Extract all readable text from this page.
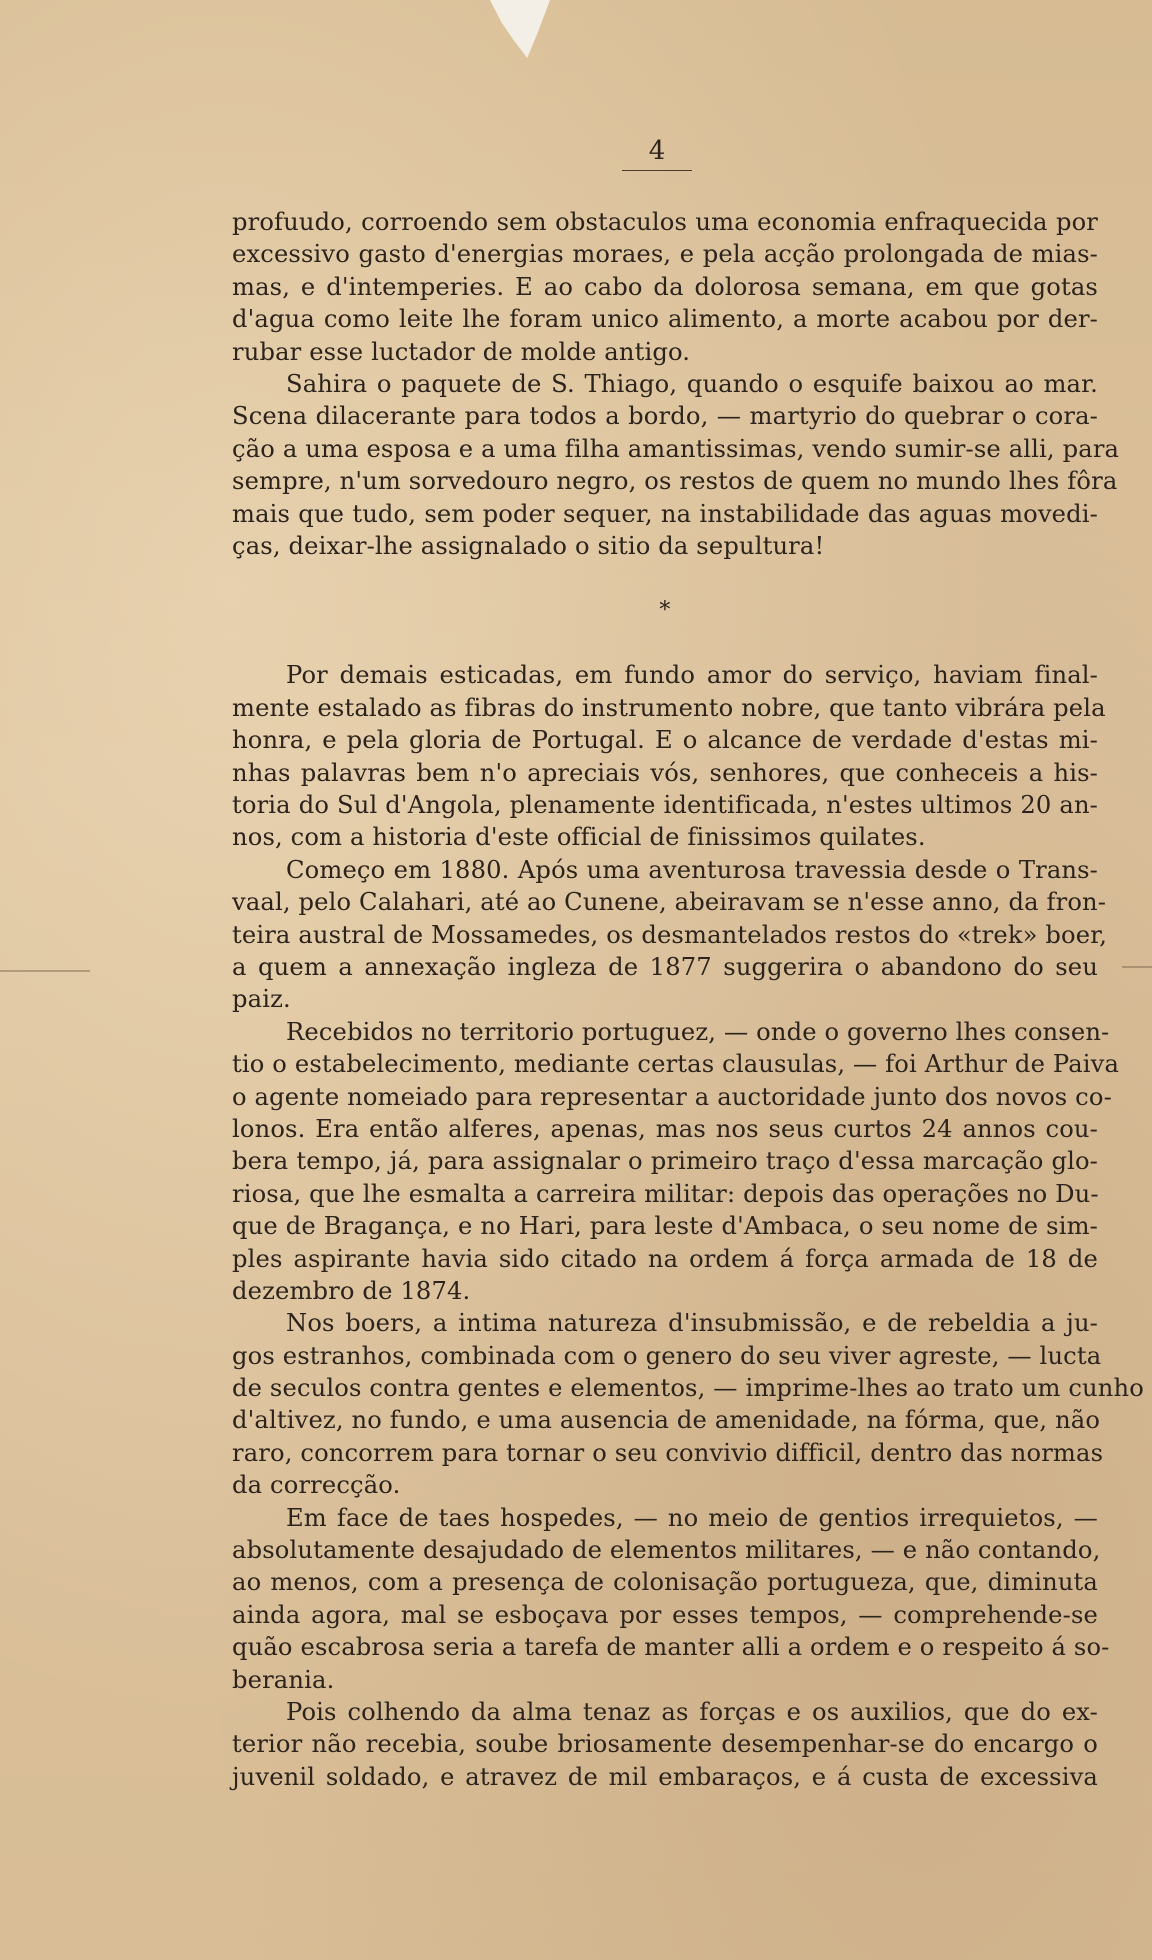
4
profuudo, corroendo sem obstaculos uma economia enfraquecida por
excessivo gasto d'energias moraes, e pela acção prolongada de mias-
mas, e d'intemperies. E ao cabo da dolorosa semana, em que gotas
d'agua como leite lhe foram unico alimento, a morte acabou por der-
rubar esse luctador de molde antigo.
Sahira o paquete de S. Thiago, quando o esquife baixou ao mar.
Scena dilacerante para todos a bordo, — martyrio do quebrar o cora-
ção a uma esposa e a uma filha amantissimas, vendo sumir-se alli, para
sempre, n'um sorvedouro negro, os restos de quem no mundo lhes fôra
mais que tudo, sem poder sequer, na instabilidade das aguas movedi-
ças, deixar-lhe assignalado o sitio da sepultura!
*
Por demais esticadas, em fundo amor do serviço, haviam final-
mente estalado as fibras do instrumento nobre, que tanto vibrára pela
honra, e pela gloria de Portugal. E o alcance de verdade d'estas mi-
nhas palavras bem n'o apreciais vós, senhores, que conheceis a his-
toria do Sul d'Angola, plenamente identificada, n'estes ultimos 20 an-
nos, com a historia d'este official de finissimos quilates.
Começo em 1880. Após uma aventurosa travessia desde o Trans-
vaal, pelo Calahari, até ao Cunene, abeiravam se n'esse anno, da fron-
teira austral de Mossamedes, os desmantelados restos do «trek» boer,
a quem a annexação ingleza de 1877 suggerira o abandono do seu
paiz.
Recebidos no territorio portuguez, — onde o governo lhes consen-
tio o estabelecimento, mediante certas clausulas, — foi Arthur de Paiva
o agente nomeiado para representar a auctoridade junto dos novos co-
lonos. Era então alferes, apenas, mas nos seus curtos 24 annos cou-
bera tempo, já, para assignalar o primeiro traço d'essa marcação glo-
riosa, que lhe esmalta a carreira militar: depois das operações no Du-
que de Bragança, e no Hari, para leste d'Ambaca, o seu nome de sim-
ples aspirante havia sido citado na ordem á força armada de 18 de
dezembro de 1874.
Nos boers, a intima natureza d'insubmissão, e de rebeldia a ju-
gos estranhos, combinada com o genero do seu viver agreste, — lucta
de seculos contra gentes e elementos, — imprime-lhes ao trato um cunho
d'altivez, no fundo, e uma ausencia de amenidade, na fórma, que, não
raro, concorrem para tornar o seu convivio difficil, dentro das normas
da correcção.
Em face de taes hospedes, — no meio de gentios irrequietos, —
absolutamente desajudado de elementos militares, — e não contando,
ao menos, com a presença de colonisação portugueza, que, diminuta
ainda agora, mal se esboçava por esses tempos, — comprehende-se
quão escabrosa seria a tarefa de manter alli a ordem e o respeito á so-
berania.
Pois colhendo da alma tenaz as forças e os auxilios, que do ex-
terior não recebia, soube briosamente desempenhar-se do encargo o
juvenil soldado, e atravez de mil embaraços, e á custa de excessiva
